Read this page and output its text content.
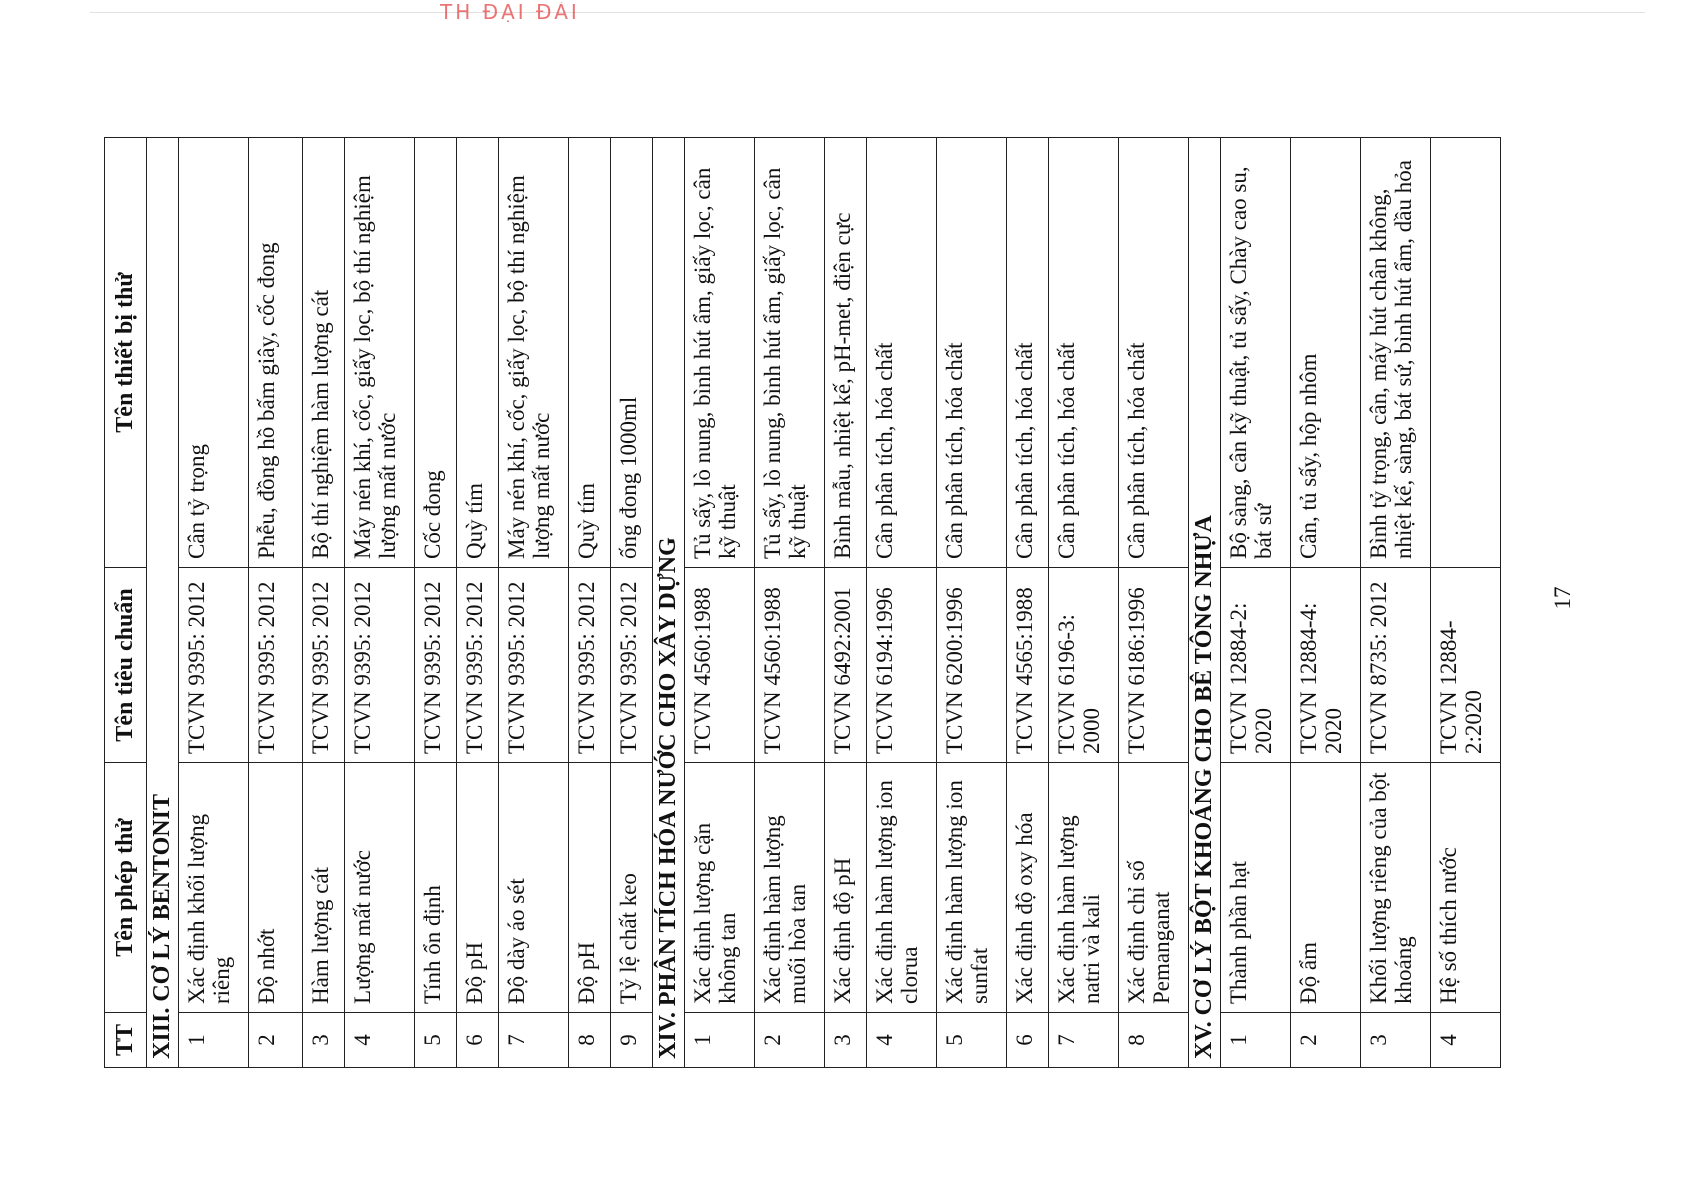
ТН ĐẠI ĐÀI
TT	Tên phép thử	Tên tiêu chuẩn	Tên thiết bị thử
XIII. CƠ LÝ BENTONIT			
1	Xác định khối lượng riêng	TCVN 9395: 2012	Cân tỷ trọng
2	Độ nhớt	TCVN 9395: 2012	Phễu, đồng hồ bấm giây, cốc đong
3	Hàm lượng cát	TCVN 9395: 2012	Bộ thí nghiệm hàm lượng cát
4	Lượng mất nước	TCVN 9395: 2012	Máy nén khí, cốc, giấy lọc, bộ thí nghiệm lượng mất nước
5	Tính ổn định	TCVN 9395: 2012	Cốc đong
6	Độ pH	TCVN 9395: 2012	Quỳ tím
7	Độ dày áo sét	TCVN 9395: 2012	Máy nén khí, cốc, giấy lọc, bộ thí nghiệm lượng mất nước
8	Độ pH	TCVN 9395: 2012	Quỳ tím
9	Tỷ lệ chất keo	TCVN 9395: 2012	ống đong 1000ml
XIV. PHÂN TÍCH HÓA NƯỚC CHO XÂY DỰNG			
1	Xác định lượng cặn không tan	TCVN 4560:1988	Tủ sấy, lò nung, bình hút ẩm, giấy lọc, cân kỹ thuật
2	Xác định hàm lượng muối hòa tan	TCVN 4560:1988	Tủ sấy, lò nung, bình hút ẩm, giấy lọc, cân kỹ thuật
3	Xác định độ pH	TCVN 6492:2001	Bình mẫu, nhiệt kế, pH-met, điện cực
4	Xác định hàm lượng ion clorua	TCVN 6194:1996	Cân phân tích, hóa chất
5	Xác định hàm lượng ion sunfat	TCVN 6200:1996	Cân phân tích, hóa chất
6	Xác định độ oxy hóa	TCVN 4565:1988	Cân phân tích, hóa chất
7	Xác định hàm lượng natri và kali	TCVN 6196-3: 2000	Cân phân tích, hóa chất
8	Xác định chỉ số Pemanganat	TCVN 6186:1996	Cân phân tích, hóa chất
XV. CƠ LÝ BỘT KHOÁNG CHO BÊ TÔNG NHỰA			
1	Thành phần hạt	TCVN 12884-2: 2020	Bộ sàng, cân kỹ thuật, tủ sấy, Chày cao su, bát sứ
2	Độ ẩm	TCVN 12884-4: 2020	Cân, tủ sấy, hộp nhôm
3	Khối lượng riêng của bột khoáng	TCVN 8735: 2012	Bình tỷ trọng, cân, máy hút chân không, nhiệt kế, sàng, bát sứ, bình hút ẩm, dầu hỏa
4	Hệ số thích nước	TCVN 12884-2:2020	
17
